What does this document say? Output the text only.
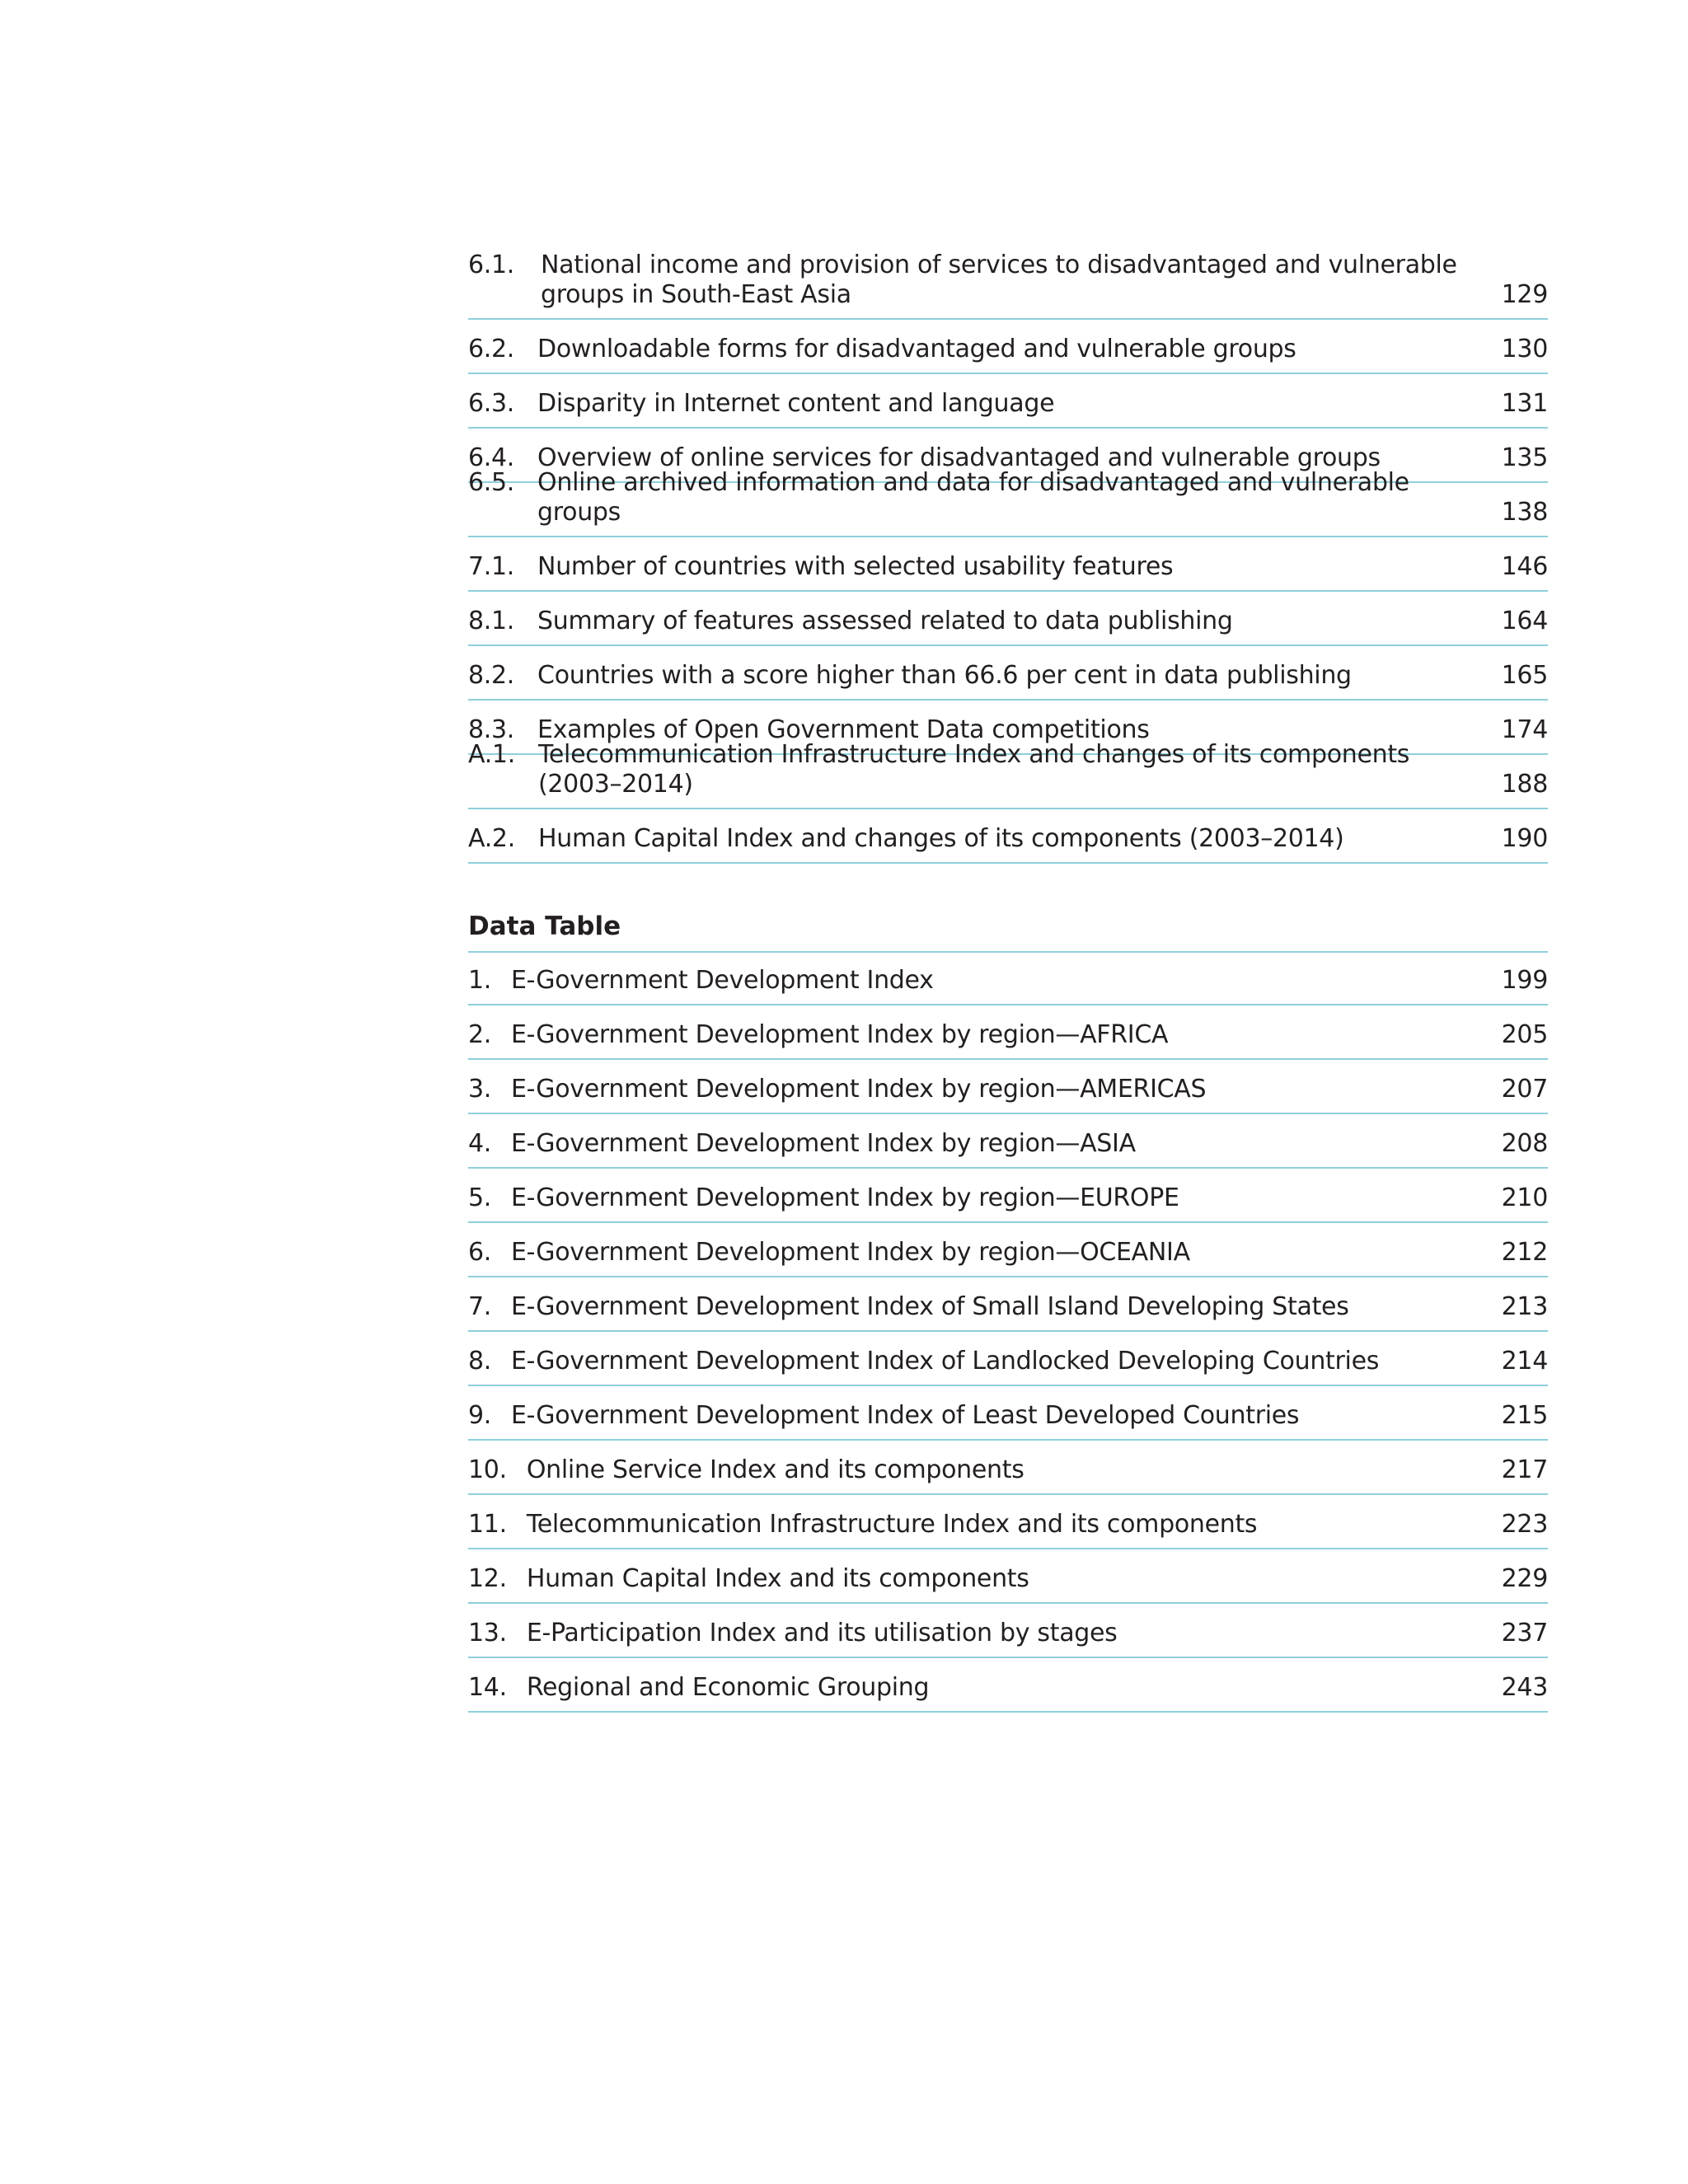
6.1. National income and provision of services to disadvantaged and vulnerable groups in South-East Asia	129
6.2. Downloadable forms for disadvantaged and vulnerable groups	130
6.3. Disparity in Internet content and language	131
6.4. Overview of online services for disadvantaged and vulnerable groups	135
6.5. Online archived information and data for disadvantaged and vulnerable groups	138
7.1. Number of countries with selected usability features	146
8.1. Summary of features assessed related to data publishing	164
8.2. Countries with a score higher than 66.6 per cent in data publishing	165
8.3. Examples of Open Government Data competitions	174
A.1. Telecommunication Infrastructure Index and changes of its components (2003–2014)	188
A.2. Human Capital Index and changes of its components (2003–2014)	190
Data Table
1. E-Government Development Index	199
2. E-Government Development Index by region—AFRICA	205
3. E-Government Development Index by region—AMERICAS	207
4. E-Government Development Index by region—ASIA	208
5. E-Government Development Index by region—EUROPE	210
6. E-Government Development Index by region—OCEANIA	212
7. E-Government Development Index of Small Island Developing States	213
8. E-Government Development Index of Landlocked Developing Countries	214
9. E-Government Development Index of Least Developed Countries	215
10. Online Service Index and its components	217
11. Telecommunication Infrastructure Index and its components	223
12. Human Capital Index and its components	229
13. E-Participation Index and its utilisation by stages	237
14. Regional and Economic Grouping	243
